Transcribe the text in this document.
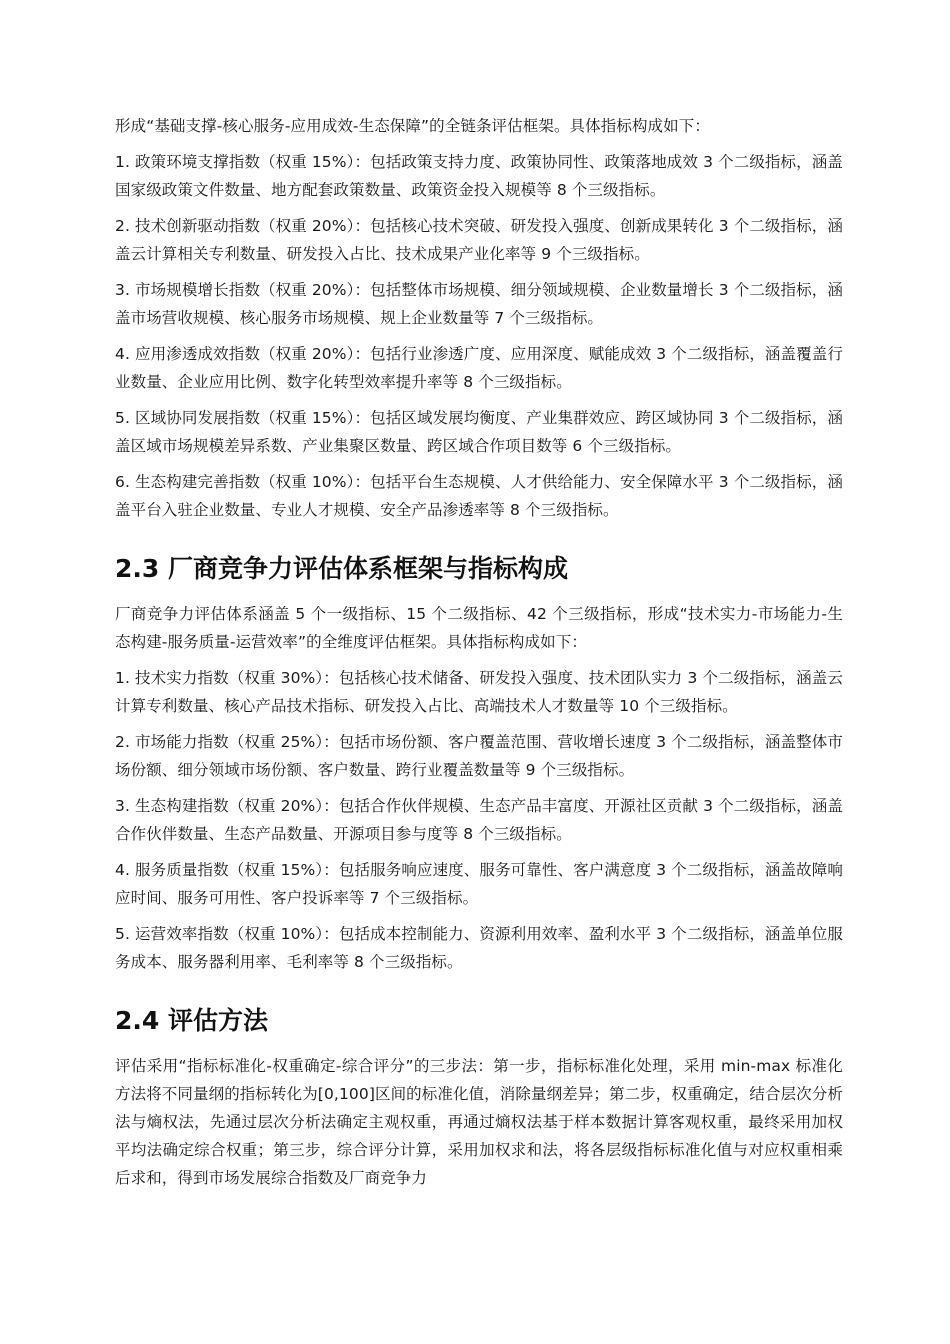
形成“基础支撑-核心服务-应用成效-生态保障”的全链条评估框架。具体指标构成如下：

1. 政策环境支撑指数（权重 15%）：包括政策支持力度、政策协同性、政策落地成效 3 个二级指标，涵盖国家级政策文件数量、地方配套政策数量、政策资金投入规模等 8 个三级指标。

2. 技术创新驱动指数（权重 20%）：包括核心技术突破、研发投入强度、创新成果转化 3 个二级指标，涵盖云计算相关专利数量、研发投入占比、技术成果产业化率等 9 个三级指标。

3. 市场规模增长指数（权重 20%）：包括整体市场规模、细分领域规模、企业数量增长 3 个二级指标，涵盖市场营收规模、核心服务市场规模、规上企业数量等 7 个三级指标。

4. 应用渗透成效指数（权重 20%）：包括行业渗透广度、应用深度、赋能成效 3 个二级指标，涵盖覆盖行业数量、企业应用比例、数字化转型效率提升率等 8 个三级指标。

5. 区域协同发展指数（权重 15%）：包括区域发展均衡度、产业集群效应、跨区域协同 3 个二级指标，涵盖区域市场规模差异系数、产业集聚区数量、跨区域合作项目数等 6 个三级指标。

6. 生态构建完善指数（权重 10%）：包括平台生态规模、人才供给能力、安全保障水平 3 个二级指标，涵盖平台入驻企业数量、专业人才规模、安全产品渗透率等 8 个三级指标。

2.3 厂商竞争力评估体系框架与指标构成

厂商竞争力评估体系涵盖 5 个一级指标、15 个二级指标、42 个三级指标，形成“技术实力-市场能力-生态构建-服务质量-运营效率”的全维度评估框架。具体指标构成如下：

1. 技术实力指数（权重 30%）：包括核心技术储备、研发投入强度、技术团队实力 3 个二级指标，涵盖云计算专利数量、核心产品技术指标、研发投入占比、高端技术人才数量等 10 个三级指标。

2. 市场能力指数（权重 25%）：包括市场份额、客户覆盖范围、营收增长速度 3 个二级指标，涵盖整体市场份额、细分领域市场份额、客户数量、跨行业覆盖数量等 9 个三级指标。

3. 生态构建指数（权重 20%）：包括合作伙伴规模、生态产品丰富度、开源社区贡献 3 个二级指标，涵盖合作伙伴数量、生态产品数量、开源项目参与度等 8 个三级指标。

4. 服务质量指数（权重 15%）：包括服务响应速度、服务可靠性、客户满意度 3 个二级指标，涵盖故障响应时间、服务可用性、客户投诉率等 7 个三级指标。

5. 运营效率指数（权重 10%）：包括成本控制能力、资源利用效率、盈利水平 3 个二级指标，涵盖单位服务成本、服务器利用率、毛利率等 8 个三级指标。

2.4 评估方法

评估采用“指标标准化-权重确定-综合评分”的三步法：第一步，指标标准化处理，采用 min-max 标准化方法将不同量纲的指标转化为[0,100]区间的标准化值，消除量纲差异；第二步，权重确定，结合层次分析法与熵权法，先通过层次分析法确定主观权重，再通过熵权法基于样本数据计算客观权重，最终采用加权平均法确定综合权重；第三步，综合评分计算，采用加权求和法，将各层级指标标准化值与对应权重相乘后求和，得到市场发展综合指数及厂商竞争力
